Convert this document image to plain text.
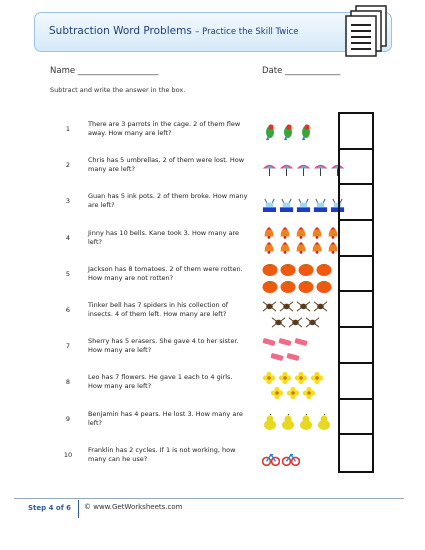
Subtraction Word Problems – Practice the Skill Twice
Name ___________________	Date _____________
Subtract and write the answer in the box.
1
There are 3 parrots in the cage. 2 of them flew away. How many are left?
2
Chris has 5 umbrellas, 2 of them were lost. How many are left?
3
Guan has 5 ink pots. 2 of them broke. How many are left?
4
Jinny has 10 bells. Kane took 3. How many are left?
5
Jackson has 8 tomatoes. 2 of them were rotten. How many are not rotten?
6
Tinker bell has 7 spiders in his collection of insects. 4 of them left. How many are left?
7
Sherry has 5 erasers. She gave 4 to her sister. How many are left?
8
Leo has 7 flowers. He gave 1 each to 4 girls. How many are left?
9
Benjamin has 4 pears. He lost 3. How many are left?
10
Franklin has 2 cycles. If 1 is not working, how many can he use?
Step 4 of 6 © www.GetWorksheets.com
